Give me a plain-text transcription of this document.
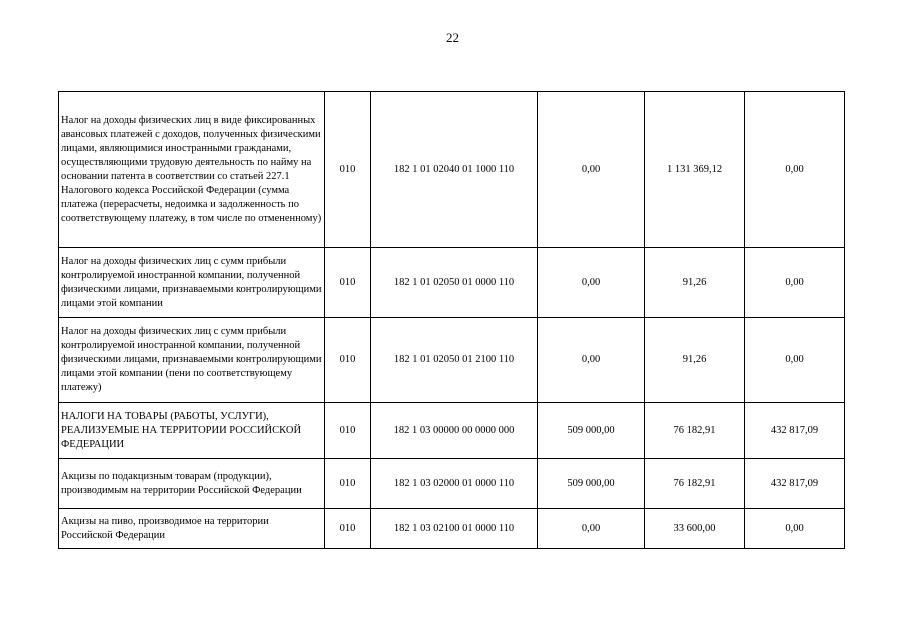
22
Налог на доходы физических лиц в виде фиксированных авансовых платежей с доходов, полученных физическими лицами, являющимися иностранными гражданами, осуществляющими трудовую деятельность по найму на основании патента в соответствии со статьей 227.1 Налогового кодекса Российской Федерации (сумма платежа (перерасчеты, недоимка и задолженность по соответствующему платежу, в том числе по отмененному)	010	182 1 01 02040 01 1000 110	0,00	1 131 369,12	0,00
Налог на доходы физических лиц с сумм прибыли контролируемой иностранной компании, полученной физическими лицами, признаваемыми контролирующими лицами этой компании	010	182 1 01 02050 01 0000 110	0,00	91,26	0,00
Налог на доходы физических лиц с сумм прибыли контролируемой иностранной компании, полученной физическими лицами, признаваемыми контролирующими лицами этой компании (пени по соответствующему платежу)	010	182 1 01 02050 01 2100 110	0,00	91,26	0,00
НАЛОГИ НА ТОВАРЫ (РАБОТЫ, УСЛУГИ), РЕАЛИЗУЕМЫЕ НА ТЕРРИТОРИИ РОССИЙСКОЙ ФЕДЕРАЦИИ	010	182 1 03 00000 00 0000 000	509 000,00	76 182,91	432 817,09
Акцизы по подакцизным товарам (продукции), производимым на территории Российской Федерации	010	182 1 03 02000 01 0000 110	509 000,00	76 182,91	432 817,09
Акцизы на пиво, производимое на территории Российской Федерации	010	182 1 03 02100 01 0000 110	0,00	33 600,00	0,00
